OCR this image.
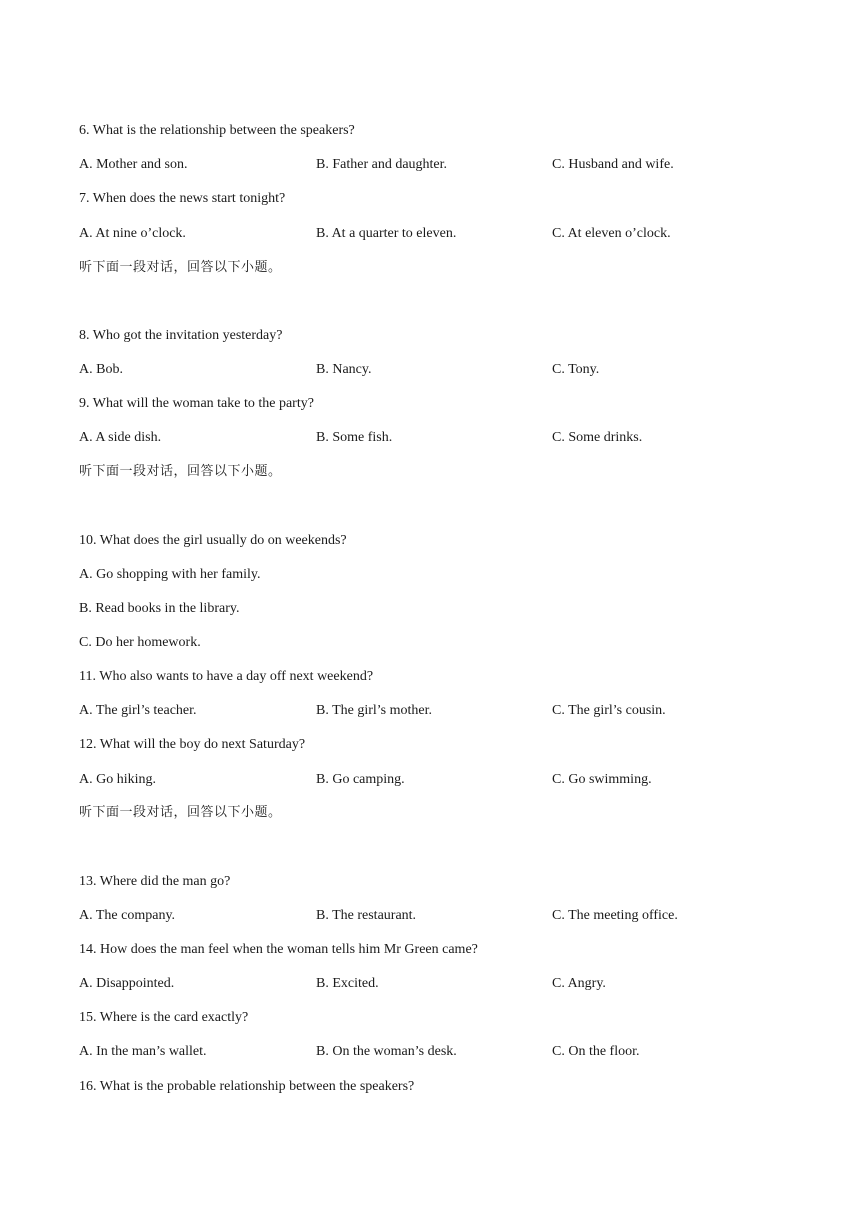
6. What is the relationship between the speakers?
A. Mother and son.	B. Father and daughter.	C. Husband and wife.
7. When does the news start tonight?
A. At nine o’clock.	B. At a quarter to eleven.	C. At eleven o’clock.
听下面一段对话，回答以下小题。
8. Who got the invitation yesterday?
A. Bob.	B. Nancy.	C. Tony.
9. What will the woman take to the party?
A. A side dish.	B. Some fish.	C. Some drinks.
听下面一段对话，回答以下小题。
10. What does the girl usually do on weekends?
A. Go shopping with her family.
B. Read books in the library.
C. Do her homework.
11. Who also wants to have a day off next weekend?
A. The girl’s teacher.	B. The girl’s mother.	C. The girl’s cousin.
12. What will the boy do next Saturday?
A. Go hiking.	B. Go camping.	C. Go swimming.
听下面一段对话，回答以下小题。
13. Where did the man go?
A. The company.	B. The restaurant.	C. The meeting office.
14. How does the man feel when the woman tells him Mr Green came?
A. Disappointed.	B. Excited.	C. Angry.
15. Where is the card exactly?
A. In the man’s wallet.	B. On the woman’s desk.	C. On the floor.
16. What is the probable relationship between the speakers?
